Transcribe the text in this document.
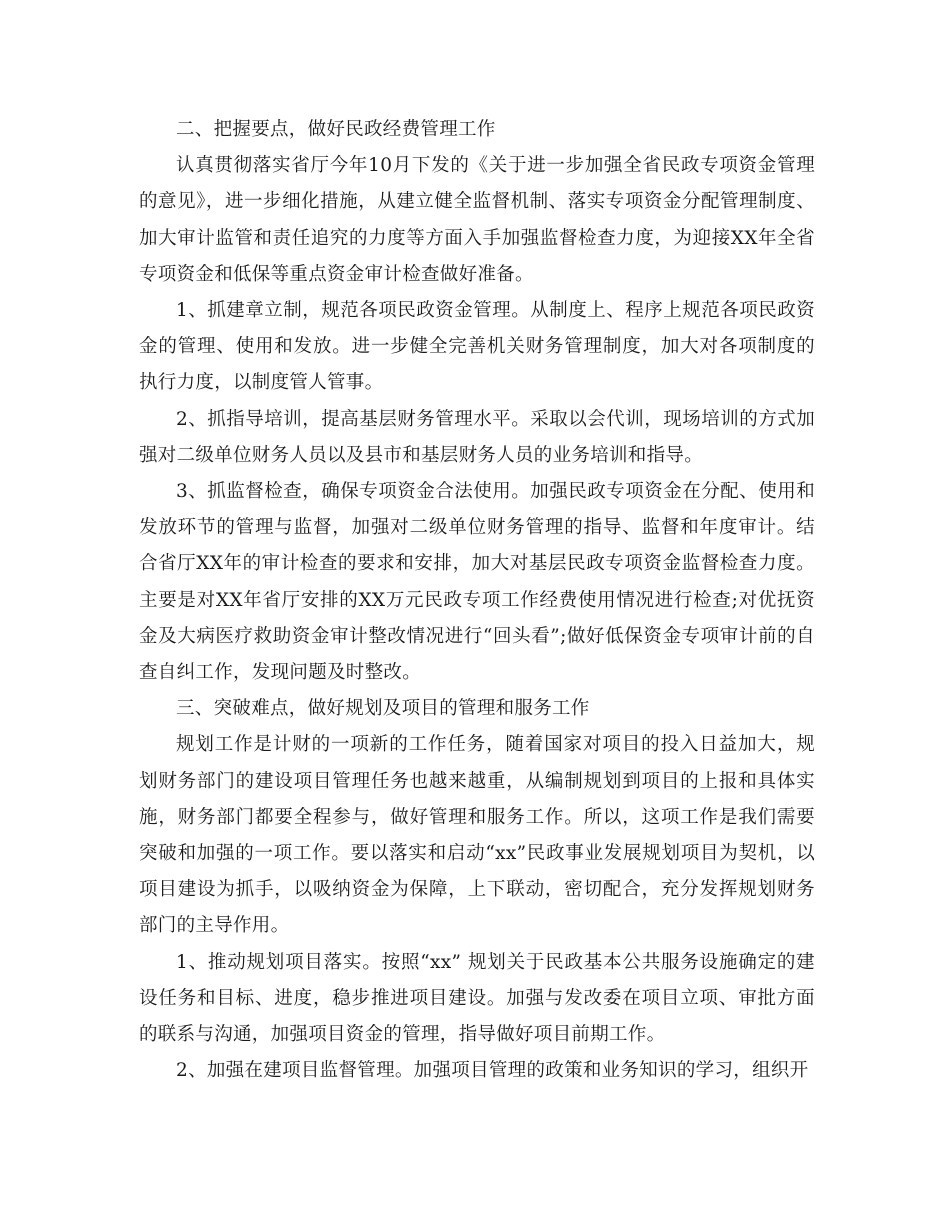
二、把握要点，做好民政经费管理工作

认真贯彻落实省厅今年10月下发的《关于进一步加强全省民政专项资金管理的意见》，进一步细化措施，从建立健全监督机制、落实专项资金分配管理制度、加大审计监管和责任追究的力度等方面入手加强监督检查力度，为迎接XX年全省专项资金和低保等重点资金审计检查做好准备。

1、抓建章立制，规范各项民政资金管理。从制度上、程序上规范各项民政资金的管理、使用和发放。进一步健全完善机关财务管理制度，加大对各项制度的执行力度，以制度管人管事。

2、抓指导培训，提高基层财务管理水平。采取以会代训，现场培训的方式加强对二级单位财务人员以及县市和基层财务人员的业务培训和指导。

3、抓监督检查，确保专项资金合法使用。加强民政专项资金在分配、使用和发放环节的管理与监督，加强对二级单位财务管理的指导、监督和年度审计。结合省厅XX年的审计检查的要求和安排，加大对基层民政专项资金监督检查力度。主要是对XX年省厅安排的XX万元民政专项工作经费使用情况进行检查;对优抚资金及大病医疗救助资金审计整改情况进行“回头看”;做好低保资金专项审计前的自查自纠工作，发现问题及时整改。

三、突破难点，做好规划及项目的管理和服务工作

规划工作是计财的一项新的工作任务，随着国家对项目的投入日益加大，规划财务部门的建设项目管理任务也越来越重，从编制规划到项目的上报和具体实施，财务部门都要全程参与，做好管理和服务工作。所以，这项工作是我们需要突破和加强的一项工作。要以落实和启动“xx”民政事业发展规划项目为契机，以项目建设为抓手，以吸纳资金为保障，上下联动，密切配合，充分发挥规划财务部门的主导作用。

1、推动规划项目落实。按照“xx” 规划关于民政基本公共服务设施确定的建设任务和目标、进度，稳步推进项目建设。加强与发改委在项目立项、审批方面的联系与沟通，加强项目资金的管理，指导做好项目前期工作。

2、加强在建项目监督管理。加强项目管理的政策和业务知识的学习，组织开
